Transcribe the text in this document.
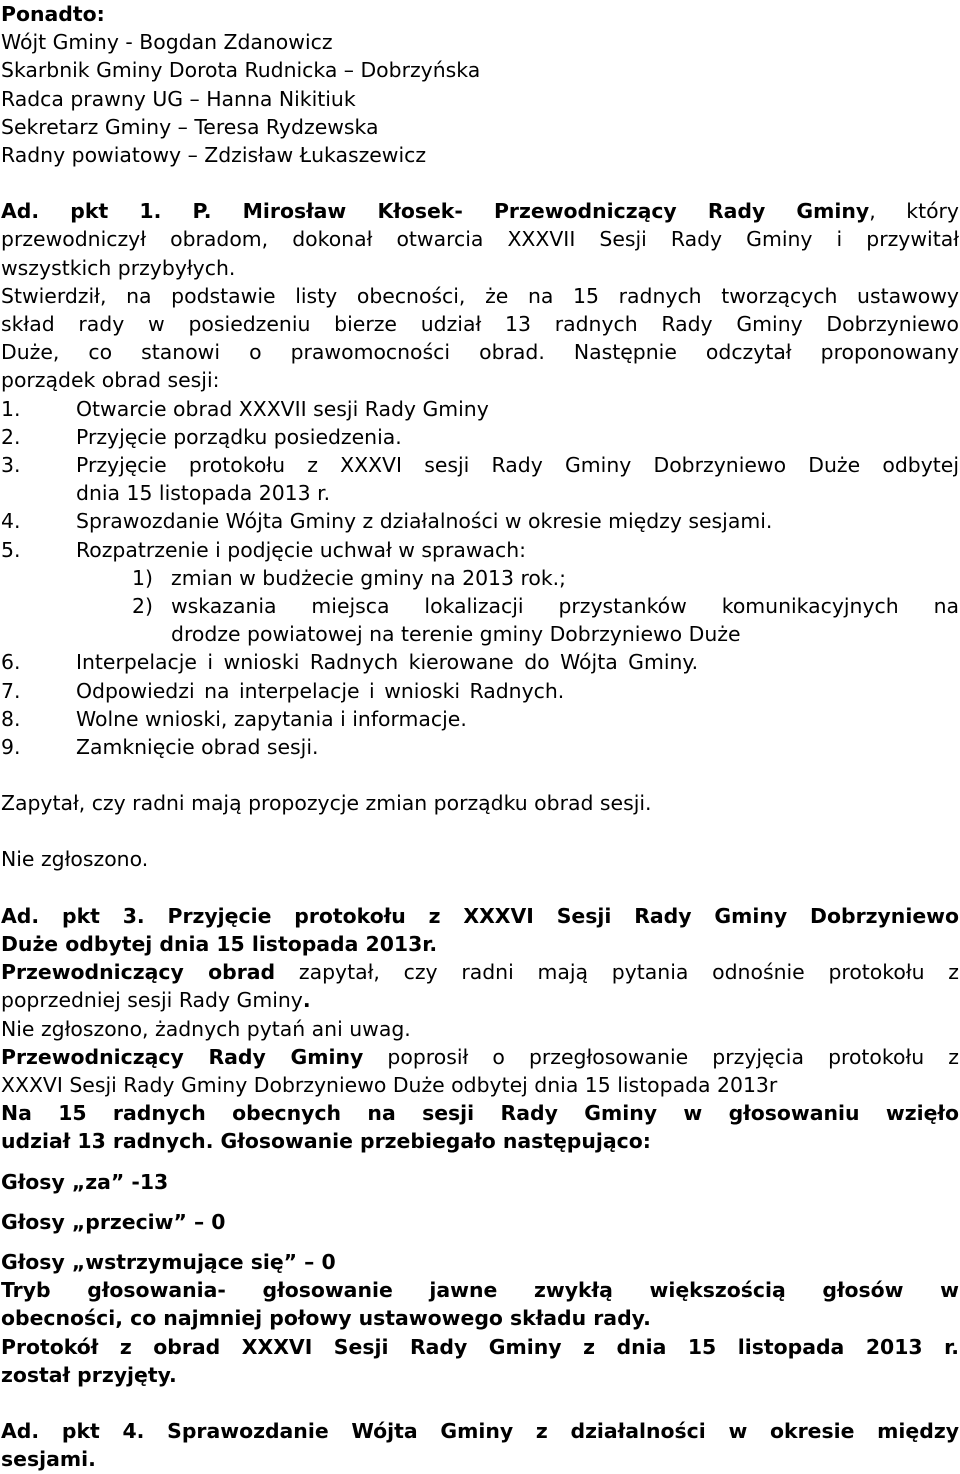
Ponadto:
Wójt Gminy - Bogdan Zdanowicz
Skarbnik Gminy Dorota Rudnicka – Dobrzyńska
Radca prawny UG – Hanna Nikitiuk
Sekretarz Gminy – Teresa Rydzewska
Radny powiatowy – Zdzisław Łukaszewicz
Ad. pkt 1. P. Mirosław Kłosek- Przewodniczący Rady Gminy, który
przewodniczył obradom, dokonał otwarcia XXXVII Sesji Rady Gminy i przywitał
wszystkich przybyłych.
Stwierdził, na podstawie listy obecności, że na 15 radnych tworzących ustawowy
skład rady w posiedzeniu bierze udział 13 radnych Rady Gminy Dobrzyniewo
Duże, co stanowi o prawomocności obrad. Następnie odczytał proponowany
porządek obrad sesji:
1.	Otwarcie obrad XXXVII sesji Rady Gminy
2.	Przyjęcie porządku posiedzenia.
3.	Przyjęcie protokołu z XXXVI sesji Rady Gminy Dobrzyniewo Duże odbytej
dnia 15 listopada 2013 r.
4.	Sprawozdanie Wójta Gminy z działalności w okresie między sesjami.
5.	Rozpatrzenie i podjęcie uchwał w sprawach:
1) zmian w budżecie gminy na 2013 rok.;
2) wskazania miejsca lokalizacji przystanków komunikacyjnych na
drodze powiatowej na terenie gminy Dobrzyniewo Duże
6.	Interpelacje i wnioski Radnych kierowane do Wójta Gminy.
7.	Odpowiedzi na interpelacje i wnioski Radnych.
8.	Wolne wnioski, zapytania i informacje.
9.	Zamknięcie obrad sesji.
Zapytał, czy radni mają propozycje zmian porządku obrad sesji.
Nie zgłoszono.
Ad. pkt 3. Przyjęcie protokołu z XXXVI Sesji Rady Gminy Dobrzyniewo
Duże odbytej dnia 15 listopada 2013r.
Przewodniczący obrad zapytał, czy radni mają pytania odnośnie protokołu z
poprzedniej sesji Rady Gminy.
Nie zgłoszono, żadnych pytań ani uwag.
Przewodniczący Rady Gminy poprosił o przegłosowanie przyjęcia protokołu z
XXXVI Sesji Rady Gminy Dobrzyniewo Duże odbytej dnia 15 listopada 2013r
Na 15 radnych obecnych na sesji Rady Gminy w głosowaniu wzięło
udział 13 radnych. Głosowanie przebiegało następująco:
Głosy „za” -13
Głosy „przeciw” – 0
Głosy „wstrzymujące się” – 0
Tryb głosowania- głosowanie jawne zwykłą większością głosów w
obecności, co najmniej połowy ustawowego składu rady.
Protokół z obrad XXXVI Sesji Rady Gminy z dnia 15 listopada 2013 r.
został przyjęty.
Ad. pkt 4. Sprawozdanie Wójta Gminy z działalności w okresie między
sesjami.
